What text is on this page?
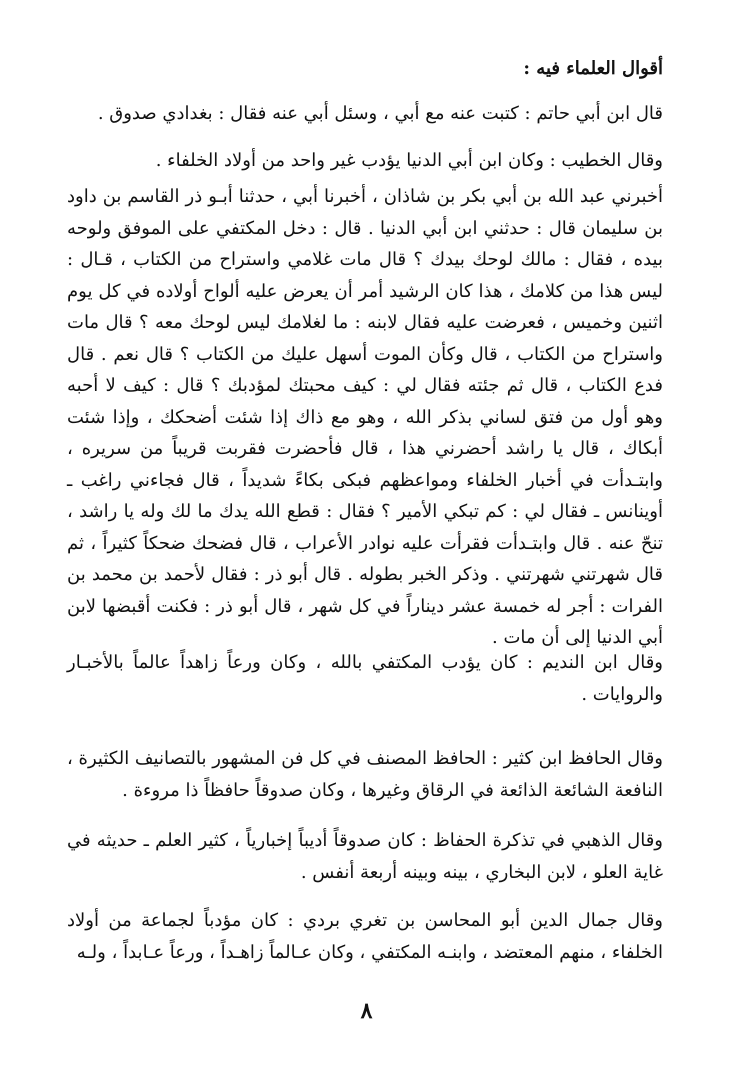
أقوال العلماء فيه :
قال ابن أبي حاتم : كتبت عنه مع أبي ، وسئل أبي عنه فقال : بغدادي صدوق .
وقال الخطيب : وكان ابن أبي الدنيا يؤدب غير واحد من أولاد الخلفاء .
أخبرني عبد الله بن أبي بكر بن شاذان ، أخبرنا أبي ، حدثنا أبـو ذر القاسم بن داود بن سليمان قال : حدثني ابن أبي الدنيا . قال : دخل المكتفي على الموفق ولوحه بيده ، فقال : مالك لوحك بيدك ؟ قال مات غلامي واستراح من الكتاب ، قـال : ليس هذا من كلامك ، هذا كان الرشيد أمر أن يعرض عليه ألواح أولاده في كل يوم اثنين وخميس ، فعرضت عليه فقال لابنه : ما لغلامك ليس لوحك معه ؟ قال مات واستراح من الكتاب ، قال وكأن الموت أسهل عليك من الكتاب ؟ قال نعم . قال فدع الكتاب ، قال ثم جئته فقال لي : كيف محبتك لمؤدبك ؟ قال : كيف لا أحبه وهو أول من فتق لساني بذكر الله ، وهو مع ذاك إذا شئت أضحكك ، وإذا شئت أبكاك ، قال يا راشد أحضرني هذا ، قال فأحضرت فقربت قريباً من سريره ، وابتـدأت في أخبار الخلفاء ومواعظهم فبكى بكاءً شديداً ، قال فجاءني راغب ـ أوينانس ـ فقال لي : كم تبكي الأمير ؟ فقال : قطع الله يدك ما لك وله يا راشد ، تنحّ عنه . قال وابتـدأت فقرأت عليه نوادر الأعراب ، قال فضحك ضحكاً كثيراً ، ثم قال شهرتني شهرتني . وذكر الخبر بطوله . قال أبو ذر : فقال لأحمد بن محمد بن الفرات : أجر له خمسة عشر ديناراً في كل شهر ، قال أبو ذر : فكنت أقبضها لابن أبي الدنيا إلى أن مات .
وقال ابن النديم : كان يؤدب المكتفي بالله ، وكان ورعاً زاهداً عالماً بالأخبـار والروايات .
وقال الحافظ ابن كثير : الحافظ المصنف في كل فن المشهور بالتصانيف الكثيرة ، النافعة الشائعة الذائعة في الرقاق وغيرها ، وكان صدوقاً حافظاً ذا مروءة .
وقال الذهبي في تذكرة الحفاظ : كان صدوقاً أديباً إخبارياً ، كثير العلم ـ حديثه في غاية العلو ، لابن البخاري ، بينه وبينه أربعة أنفس .
وقال جمال الدين أبو المحاسن بن تغري بردي : كان مؤدباً لجماعة من أولاد الخلفاء ، منهم المعتضد ، وابنـه المكتفي ، وكان عـالماً زاهـداً ، ورعاً عـابداً ، ولـه
٨
